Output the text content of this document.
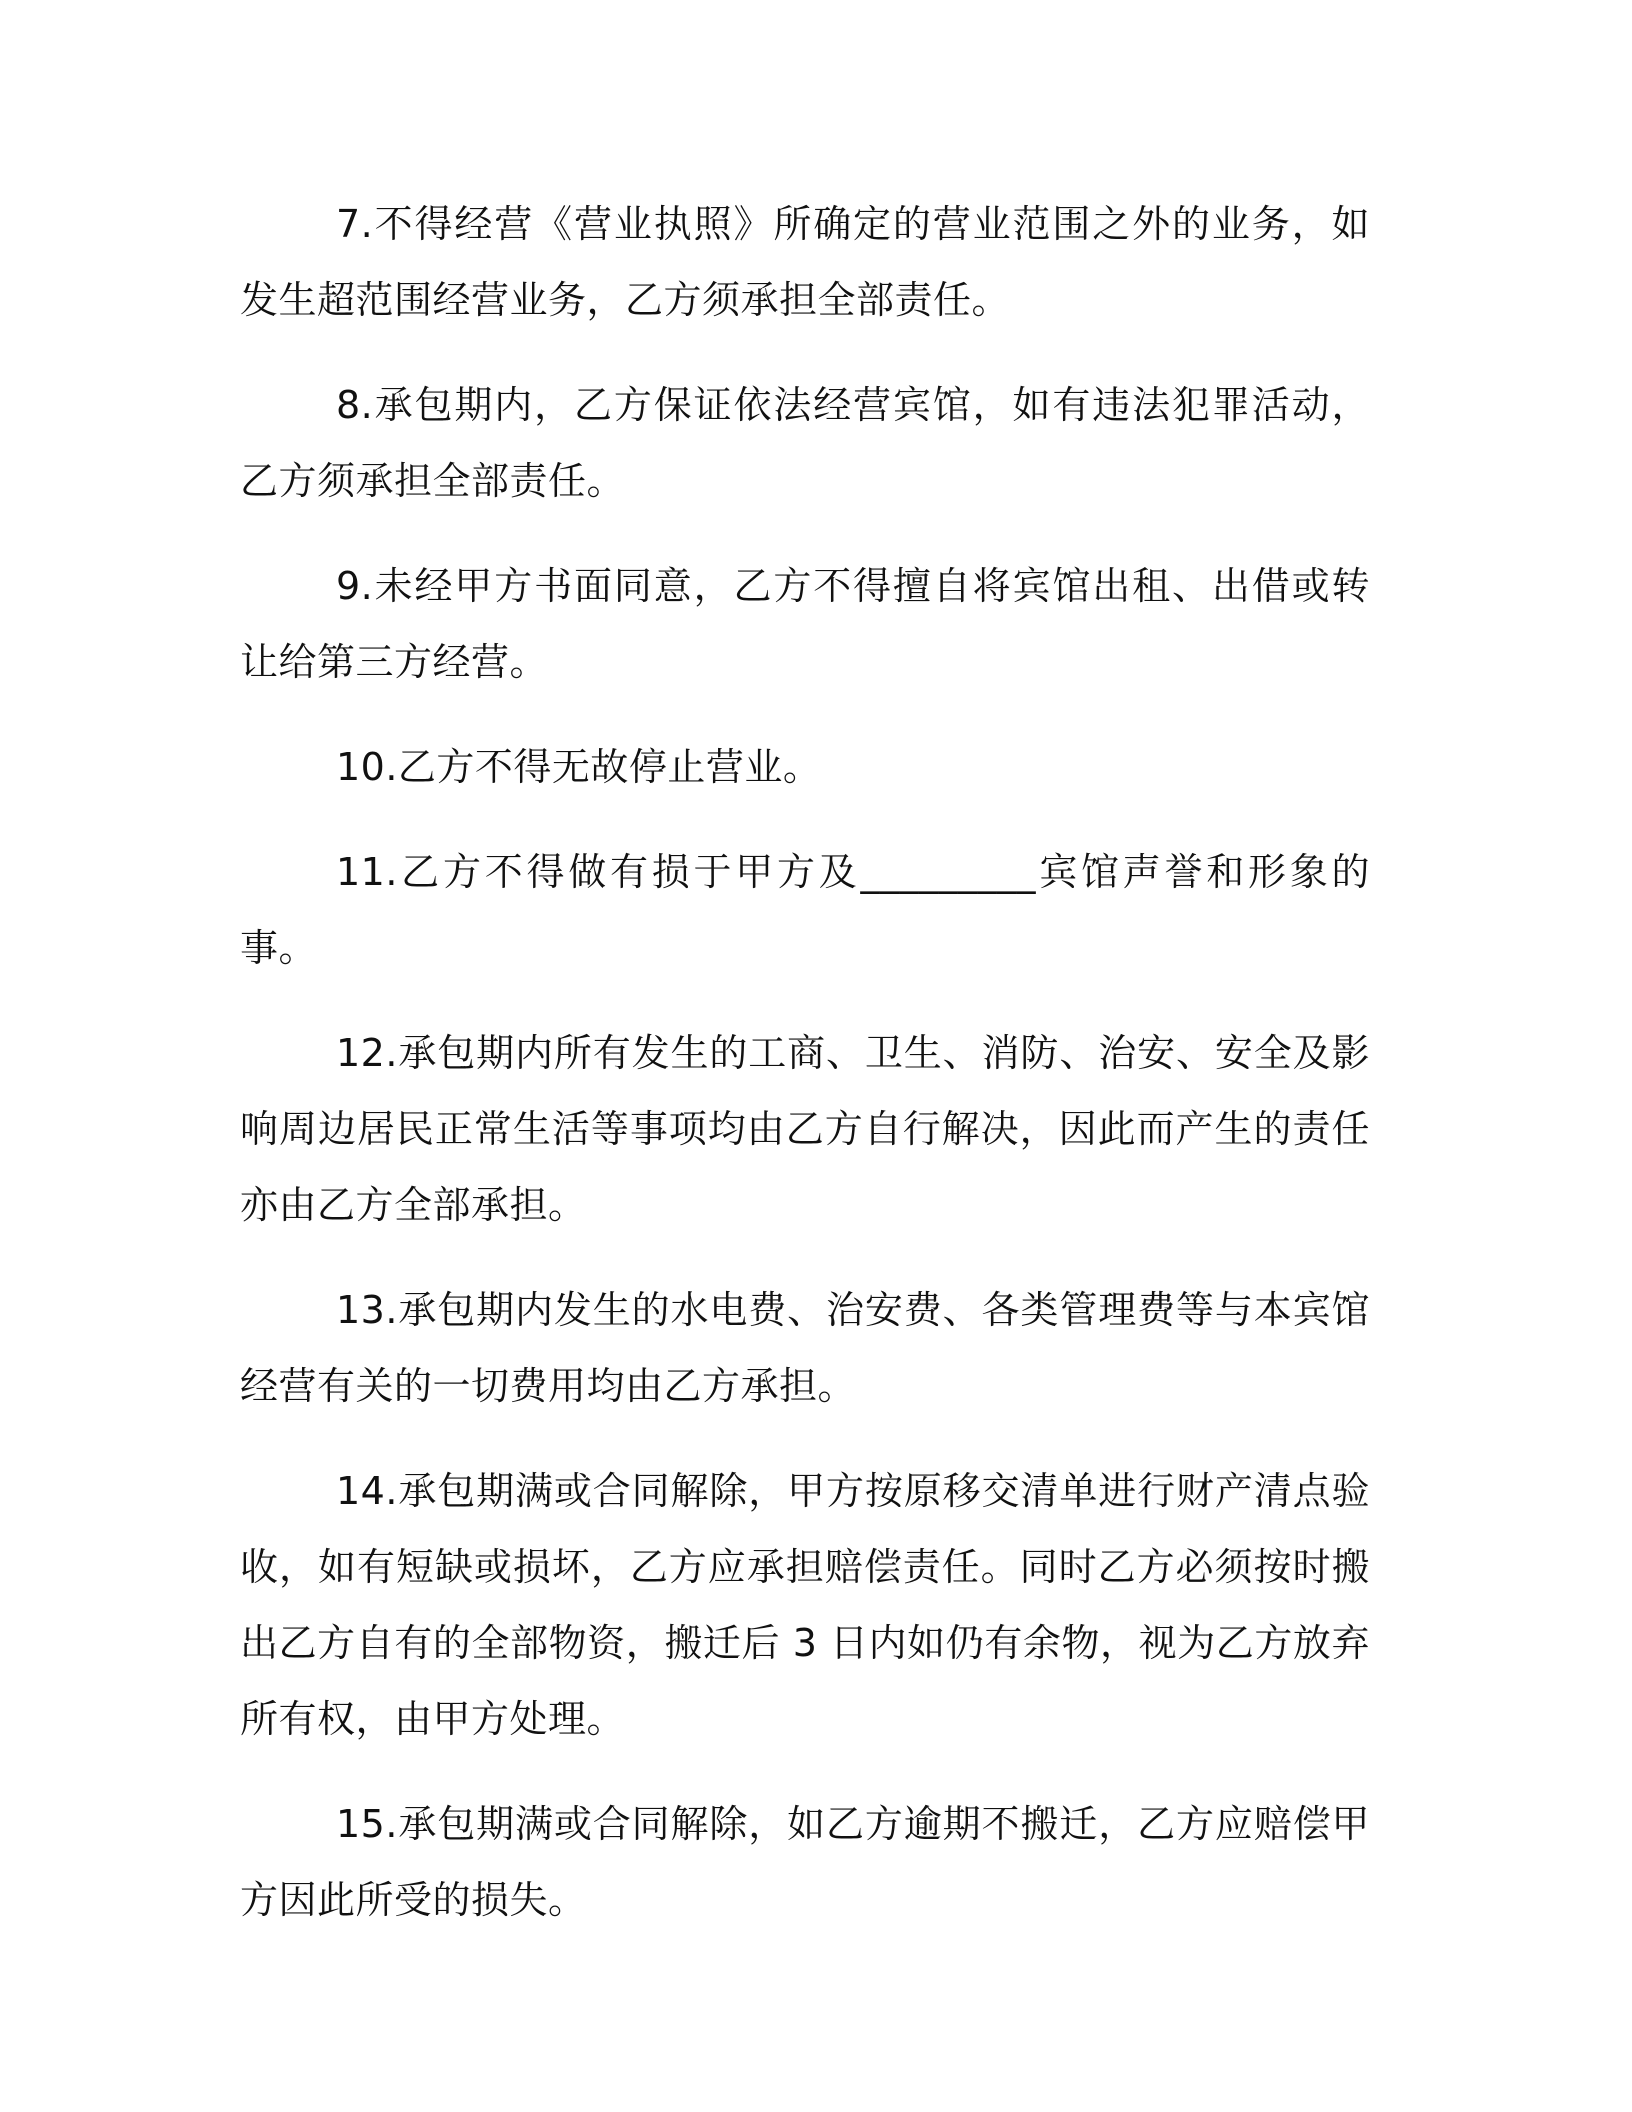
7.不得经营《营业执照》所确定的营业范围之外的业务，如发生超范围经营业务，乙方须承担全部责任。

8.承包期内，乙方保证依法经营宾馆，如有违法犯罪活动，乙方须承担全部责任。

9.未经甲方书面同意，乙方不得擅自将宾馆出租、出借或转让给第三方经营。

10.乙方不得无故停止营业。

11.乙方不得做有损于甲方及_________宾馆声誉和形象的事。

12.承包期内所有发生的工商、卫生、消防、治安、安全及影响周边居民正常生活等事项均由乙方自行解决，因此而产生的责任亦由乙方全部承担。

13.承包期内发生的水电费、治安费、各类管理费等与本宾馆经营有关的一切费用均由乙方承担。

14.承包期满或合同解除，甲方按原移交清单进行财产清点验收，如有短缺或损坏，乙方应承担赔偿责任。同时乙方必须按时搬出乙方自有的全部物资，搬迁后 3 日内如仍有余物，视为乙方放弃所有权，由甲方处理。

15.承包期满或合同解除，如乙方逾期不搬迁，乙方应赔偿甲方因此所受的损失。
